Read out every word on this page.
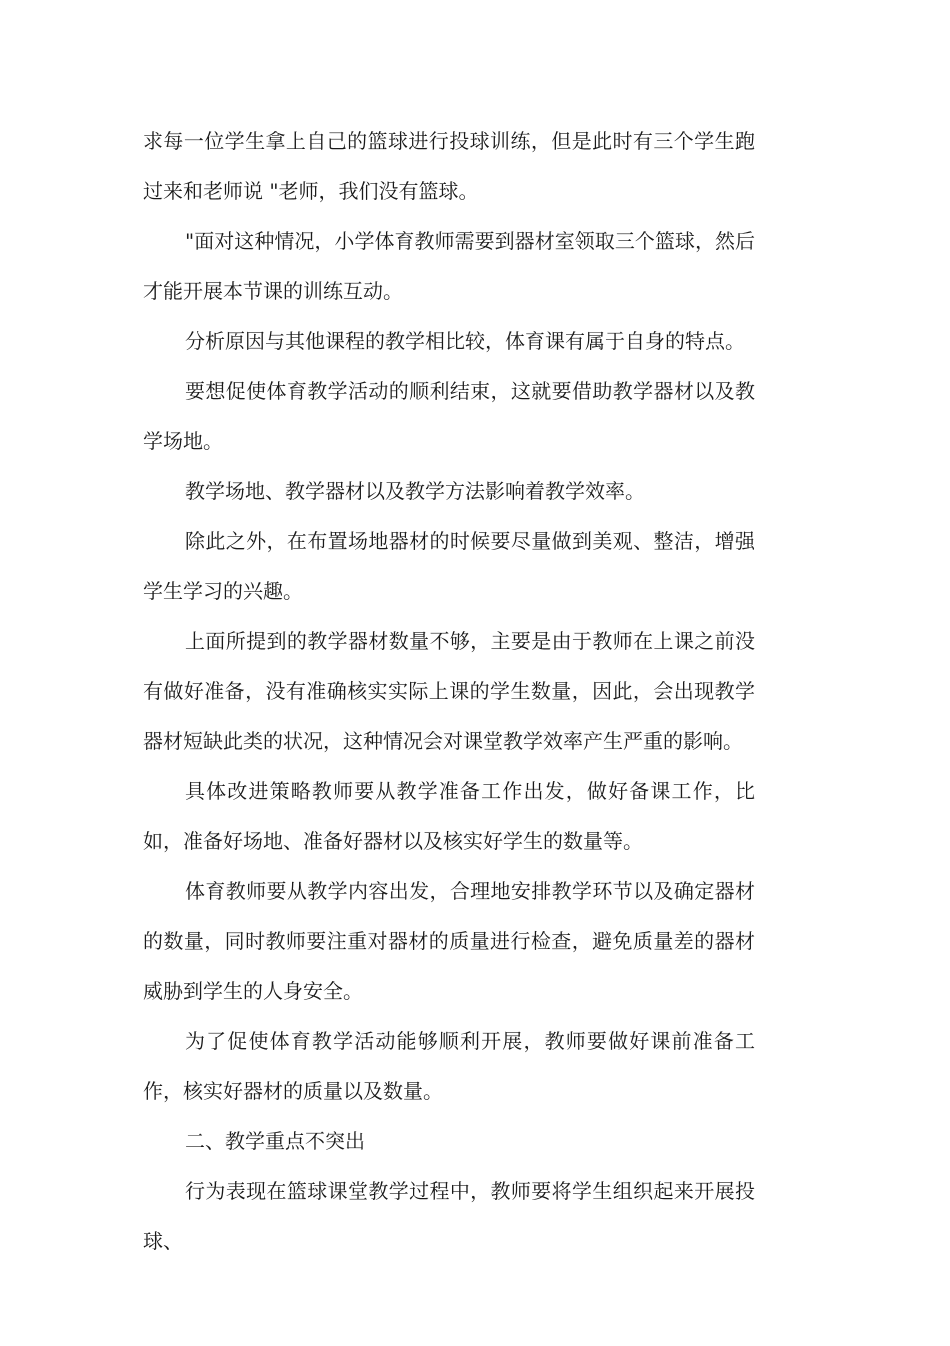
求每一位学生拿上自己的篮球进行投球训练，但是此时有三个学生跑过来和老师说 "老师，我们没有篮球。

"面对这种情况，小学体育教师需要到器材室领取三个篮球，然后才能开展本节课的训练互动。

分析原因与其他课程的教学相比较，体育课有属于自身的特点。

要想促使体育教学活动的顺利结束，这就要借助教学器材以及教学场地。

教学场地、教学器材以及教学方法影响着教学效率。

除此之外，在布置场地器材的时候要尽量做到美观、整洁，增强学生学习的兴趣。

上面所提到的教学器材数量不够，主要是由于教师在上课之前没有做好准备，没有准确核实实际上课的学生数量，因此，会出现教学器材短缺此类的状况，这种情况会对课堂教学效率产生严重的影响。

具体改进策略教师要从教学准备工作出发，做好备课工作，比如，准备好场地、准备好器材以及核实好学生的数量等。

体育教师要从教学内容出发，合理地安排教学环节以及确定器材的数量，同时教师要注重对器材的质量进行检查，避免质量差的器材威胁到学生的人身安全。

为了促使体育教学活动能够顺利开展，教师要做好课前准备工作，核实好器材的质量以及数量。

二、教学重点不突出

行为表现在篮球课堂教学过程中，教师要将学生组织起来开展投球、
